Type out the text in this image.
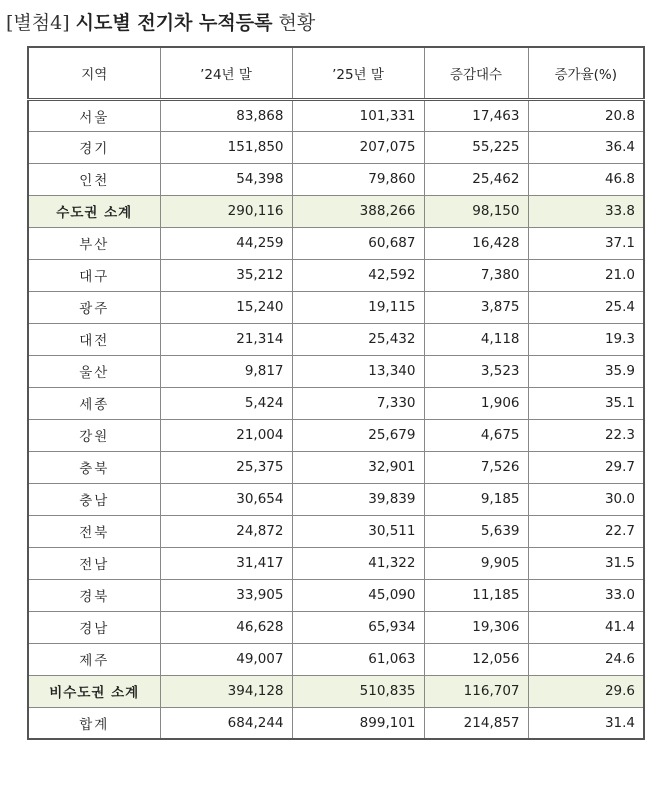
[별첨4] 시도별 전기차 누적등록 현황
지역	’24년 말	’25년 말	증감대수	증가율(%)
서울	83,868	101,331	17,463	20.8
경기	151,850	207,075	55,225	36.4
인천	54,398	79,860	25,462	46.8
수도권 소계	290,116	388,266	98,150	33.8
부산	44,259	60,687	16,428	37.1
대구	35,212	42,592	7,380	21.0
광주	15,240	19,115	3,875	25.4
대전	21,314	25,432	4,118	19.3
울산	9,817	13,340	3,523	35.9
세종	5,424	7,330	1,906	35.1
강원	21,004	25,679	4,675	22.3
충북	25,375	32,901	7,526	29.7
충남	30,654	39,839	9,185	30.0
전북	24,872	30,511	5,639	22.7
전남	31,417	41,322	9,905	31.5
경북	33,905	45,090	11,185	33.0
경남	46,628	65,934	19,306	41.4
제주	49,007	61,063	12,056	24.6
비수도권 소계	394,128	510,835	116,707	29.6
합계	684,244	899,101	214,857	31.4
